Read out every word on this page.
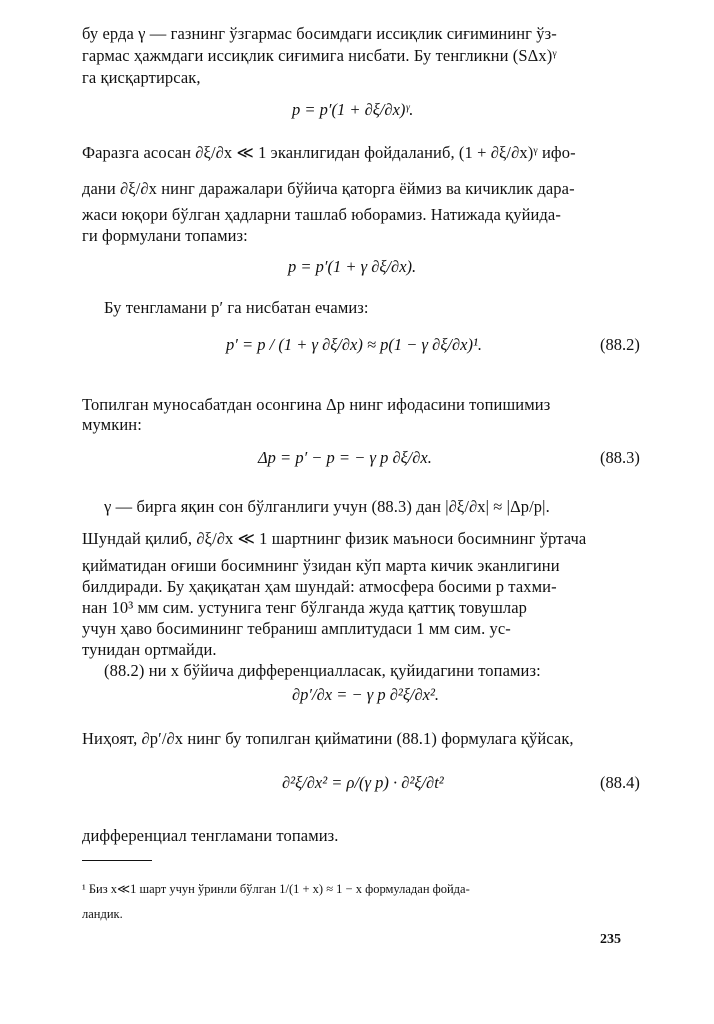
бу ерда γ — газнинг ўзгармас босимдаги иссиқлик сиғимининг ўз-
гармас ҳажмдаги иссиқлик сиғимига нисбати. Бу тенгликни (SΔx)ᵞ
га қисқартирсак,
p = p′(1 + ∂ξ/∂x)ᵞ.
Фаразга асосан ∂ξ/∂x ≪ 1 эканлигидан фойдаланиб, (1 + ∂ξ/∂x)ᵞ ифо-
дани ∂ξ/∂x нинг даражалари бўйича қаторга ёймиз ва кичиклик дара-
жаси юқори бўлган ҳадларни ташлаб юборамиз. Натижада қуйида-
ги формулани топамиз:
p = p′(1 + γ ∂ξ/∂x).
Бу тенгламани p′ га нисбатан ечамиз:
p′ = p / (1 + γ ∂ξ/∂x) ≈ p(1 − γ ∂ξ/∂x)¹.	(88.2)
Топилган муносабатдан осонгина Δp нинг ифодасини топишимиз
мумкин:
Δp = p′ − p = − γ p ∂ξ/∂x.	(88.3)
γ — бирга яқин сон бўлганлиги учун (88.3) дан |∂ξ/∂x| ≈ |Δp/p|.
Шундай қилиб, ∂ξ/∂x ≪ 1 шартнинг физик маъноси босимнинг ўртача
қийматидан оғиши босимнинг ўзидан кўп марта кичик эканлигини
билдиради. Бу ҳақиқатан ҳам шундай: атмосфера босими p тахми-
нан 10³ мм сим. устунига тенг бўлганда жуда қаттиқ товушлар
учун ҳаво босимининг тебраниш амплитудаси 1 мм сим. ус-
тунидан ортмайди.
(88.2) ни x бўйича дифференциаллаcак, қуйидагини топамиз:
∂p′/∂x = − γ p ∂²ξ/∂x².
Ниҳоят, ∂p′/∂x нинг бу топилган қийматини (88.1) формулага қўйсак,
∂²ξ/∂x² = ρ/(γ p) · ∂²ξ/∂t²	(88.4)
дифференциал тенгламани топамиз.
¹ Биз x≪1 шарт учун ўринли бўлган 1/(1 + x) ≈ 1 − x формуладан фойда-
ландик.
235
